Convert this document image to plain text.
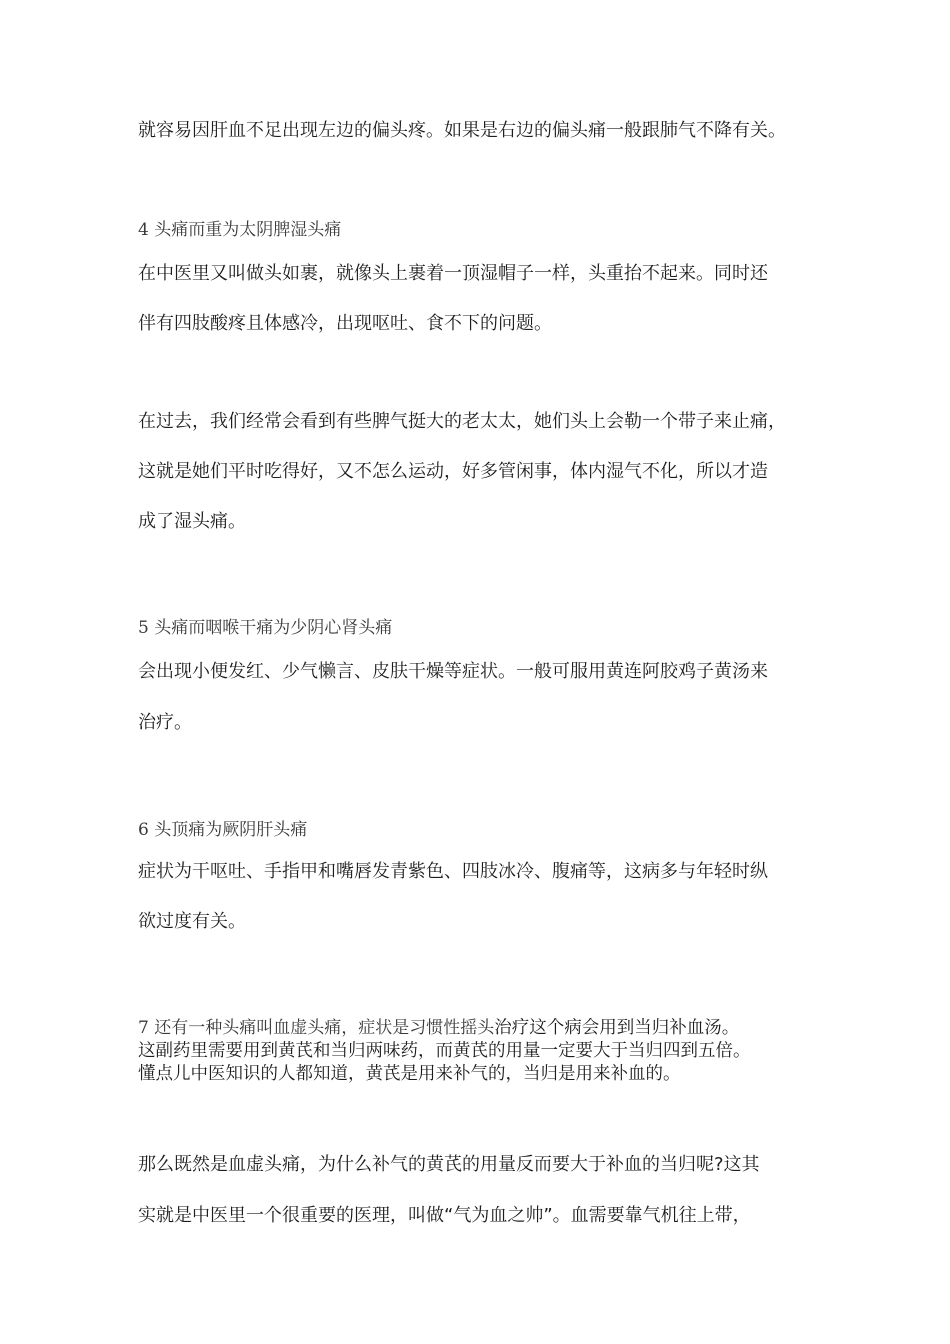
就容易因肝血不足出现左边的偏头疼。如果是右边的偏头痛一般跟肺气不降有关。
4 头痛而重为太阴脾湿头痛
在中医里又叫做头如裹，就像头上裹着一顶湿帽子一样，头重抬不起来。同时还
伴有四肢酸疼且体感冷，出现呕吐、食不下的问题。
在过去，我们经常会看到有些脾气挺大的老太太，她们头上会勒一个带子来止痛，
这就是她们平时吃得好，又不怎么运动，好多管闲事，体内湿气不化，所以才造
成了湿头痛。
5 头痛而咽喉干痛为少阴心肾头痛
会出现小便发红、少气懒言、皮肤干燥等症状。一般可服用黄连阿胶鸡子黄汤来
治疗。
6 头顶痛为厥阴肝头痛
症状为干呕吐、手指甲和嘴唇发青紫色、四肢冰冷、腹痛等，这病多与年轻时纵
欲过度有关。
7 还有一种头痛叫血虚头痛，症状是习惯性摇头治疗这个病会用到当归补血汤。
这副药里需要用到黄芪和当归两味药，而黄芪的用量一定要大于当归四到五倍。
懂点儿中医知识的人都知道，黄芪是用来补气的，当归是用来补血的。
那么既然是血虚头痛，为什么补气的黄芪的用量反而要大于补血的当归呢?这其
实就是中医里一个很重要的医理，叫做“气为血之帅”。血需要靠气机往上带，
